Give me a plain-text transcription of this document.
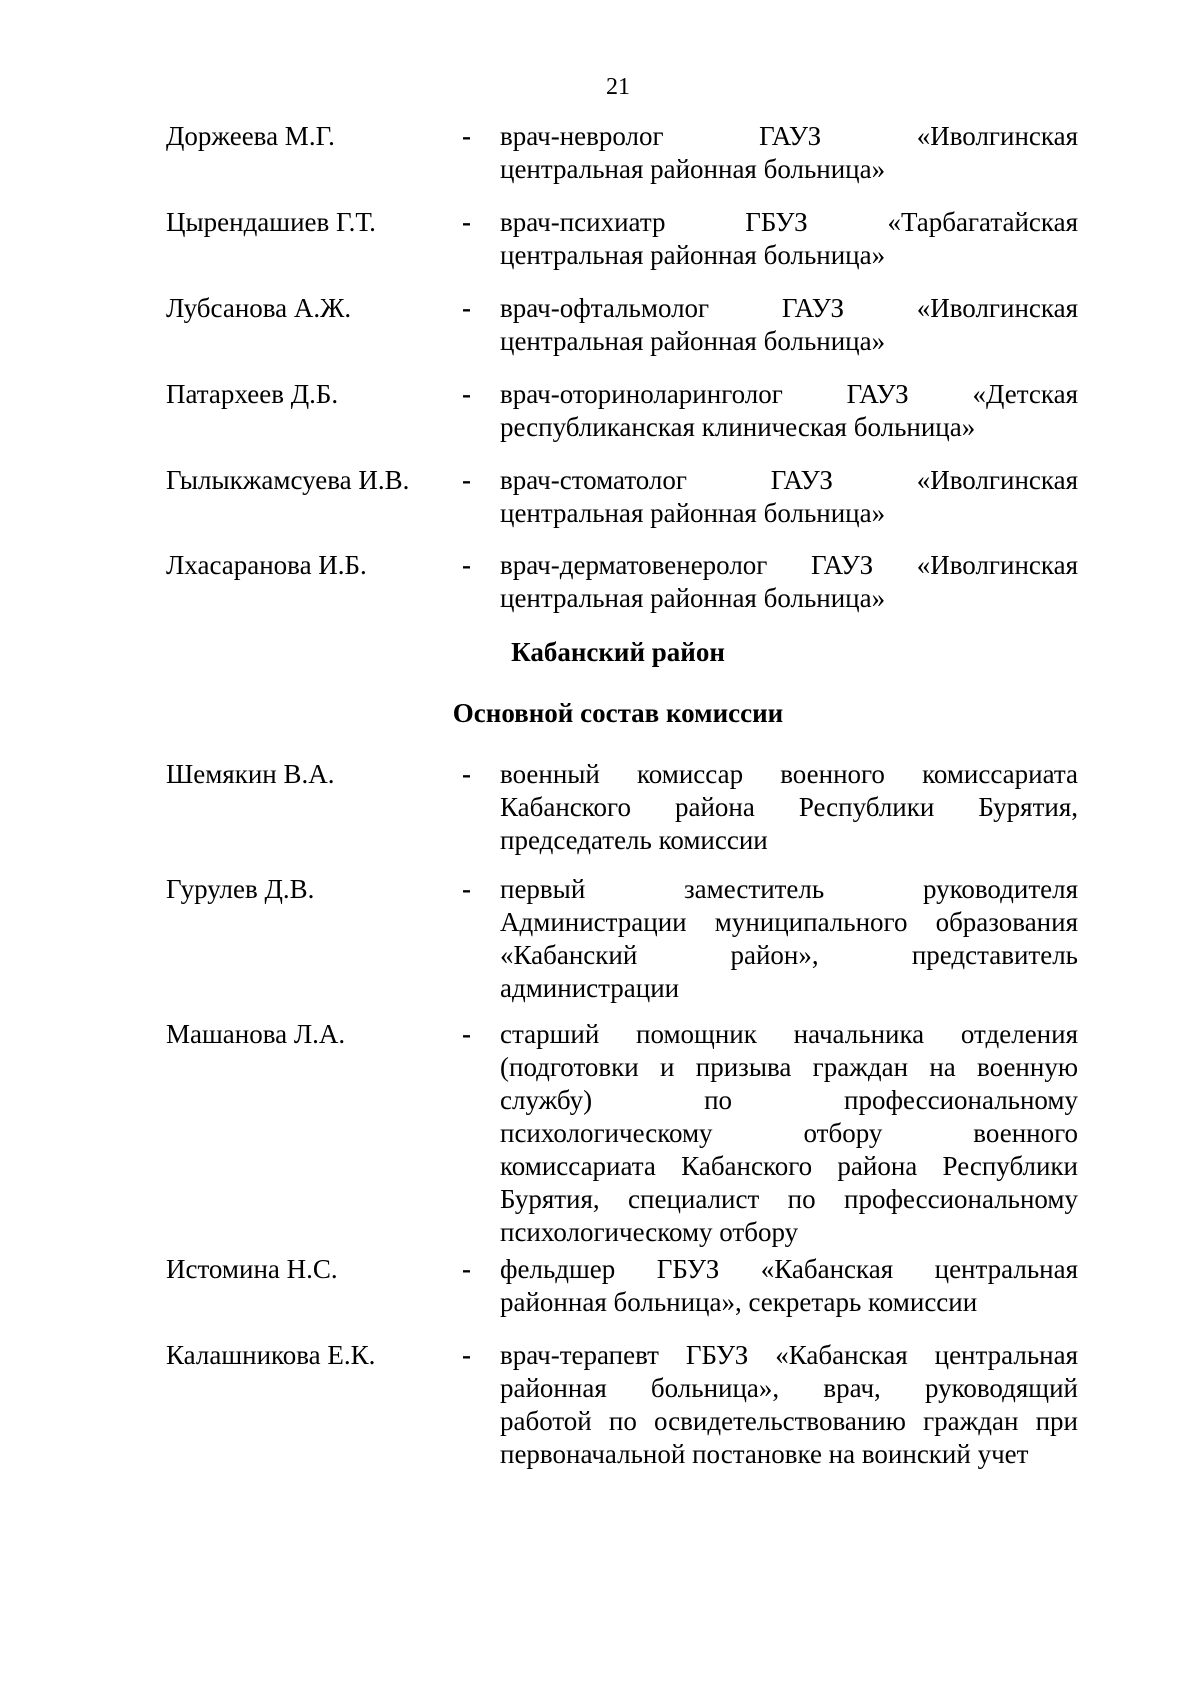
21
Доржеева М.Г.	- врач-невролог ГАУЗ «Иволгинская
центральная районная больница»
Цырендашиев Г.Т.	- врач-психиатр ГБУЗ «Тарбагатайская
центральная районная больница»
Лубсанова А.Ж.	- врач-офтальмолог ГАУЗ «Иволгинская
центральная районная больница»
Патархеев Д.Б.	- врач-оториноларинголог ГАУЗ «Детская
республиканская клиническая больница»
Гылыкжамсуева И.В. - врач-стоматолог ГАУЗ «Иволгинская
центральная районная больница»
Лхасаранова И.Б.	- врач-дерматовенеролог ГАУЗ «Иволгинская
центральная районная больница»
Кабанский район
Основной состав комиссии
Шемякин В.А.	- военный комиссар военного комиссариата
Кабанского района Республики Бурятия,
председатель комиссии
Гурулев Д.В.	- первый заместитель руководителя
Администрации муниципального образования
«Кабанский район», представитель
администрации
Машанова Л.А.	- старший помощник начальника отделения
(подготовки и призыва граждан на военную
службу) по профессиональному
психологическому отбору военного
комиссариата Кабанского района Республики
Бурятия, специалист по профессиональному
психологическому отбору
Истомина Н.С.	- фельдшер ГБУЗ «Кабанская центральная
районная больница», секретарь комиссии
Калашникова Е.К.	- врач-терапевт ГБУЗ «Кабанская центральная
районная больница», врач, руководящий
работой по освидетельствованию граждан при
первоначальной постановке на воинский учет
